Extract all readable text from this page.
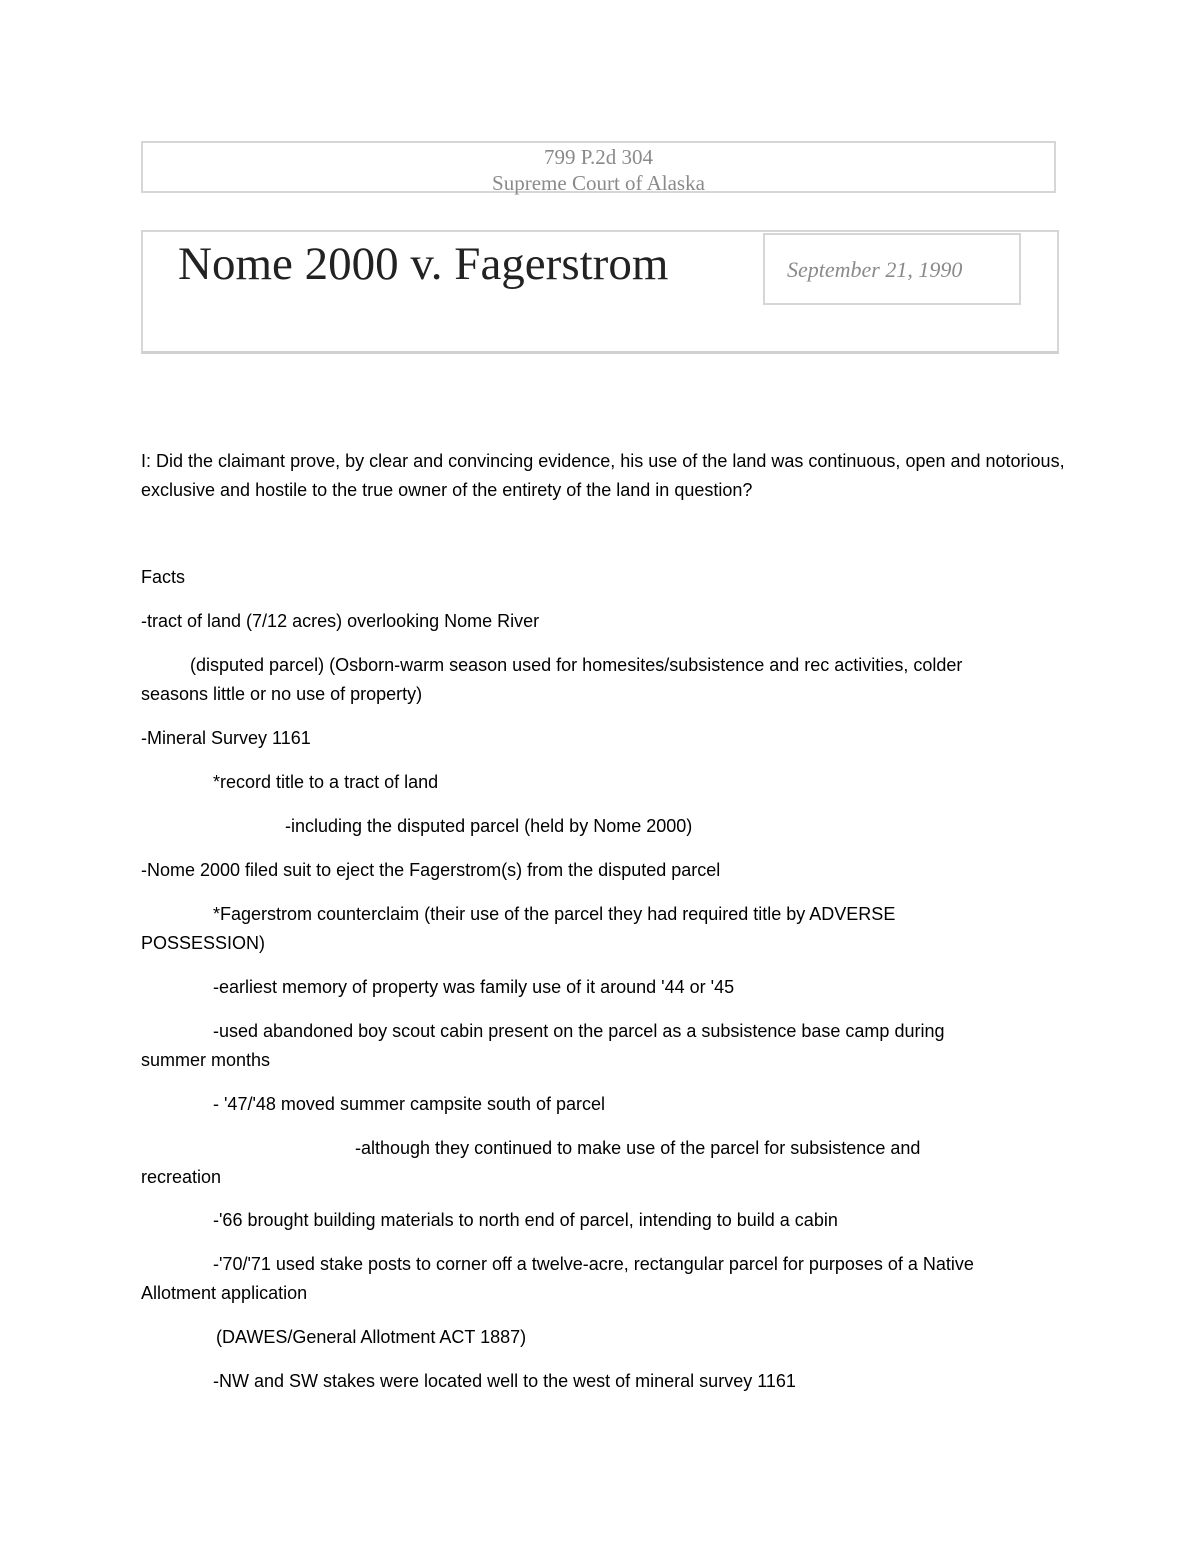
799 P.2d 304
Supreme Court of Alaska
Nome 2000 v. Fagerstrom	September 21, 1990
I: Did the claimant prove, by clear and convincing evidence, his use of the land was continuous, open and notorious, exclusive and hostile to the true owner of the entirety of the land in question?
Facts
-tract of land (7/12 acres) overlooking Nome River
(disputed parcel) (Osborn-warm season used for homesites/subsistence and rec activities, colder
seasons little or no use of property)
-Mineral Survey 1161
*record title to a tract of land
-including the disputed parcel (held by Nome 2000)
-Nome 2000 filed suit to eject the Fagerstrom(s) from the disputed parcel
*Fagerstrom counterclaim (their use of the parcel they had required title by ADVERSE
POSSESSION)
-earliest memory of property was family use of it around '44 or '45
-used abandoned boy scout cabin present on the parcel as a subsistence base camp during
summer months
- '47/'48 moved summer campsite south of parcel
-although they continued to make use of the parcel for subsistence and
recreation
-'66 brought building materials to north end of parcel, intending to build a cabin
-'70/'71 used stake posts to corner off a twelve-acre, rectangular parcel for purposes of a Native
Allotment application
(DAWES/General Allotment ACT 1887)
-NW and SW stakes were located well to the west of mineral survey 1161
